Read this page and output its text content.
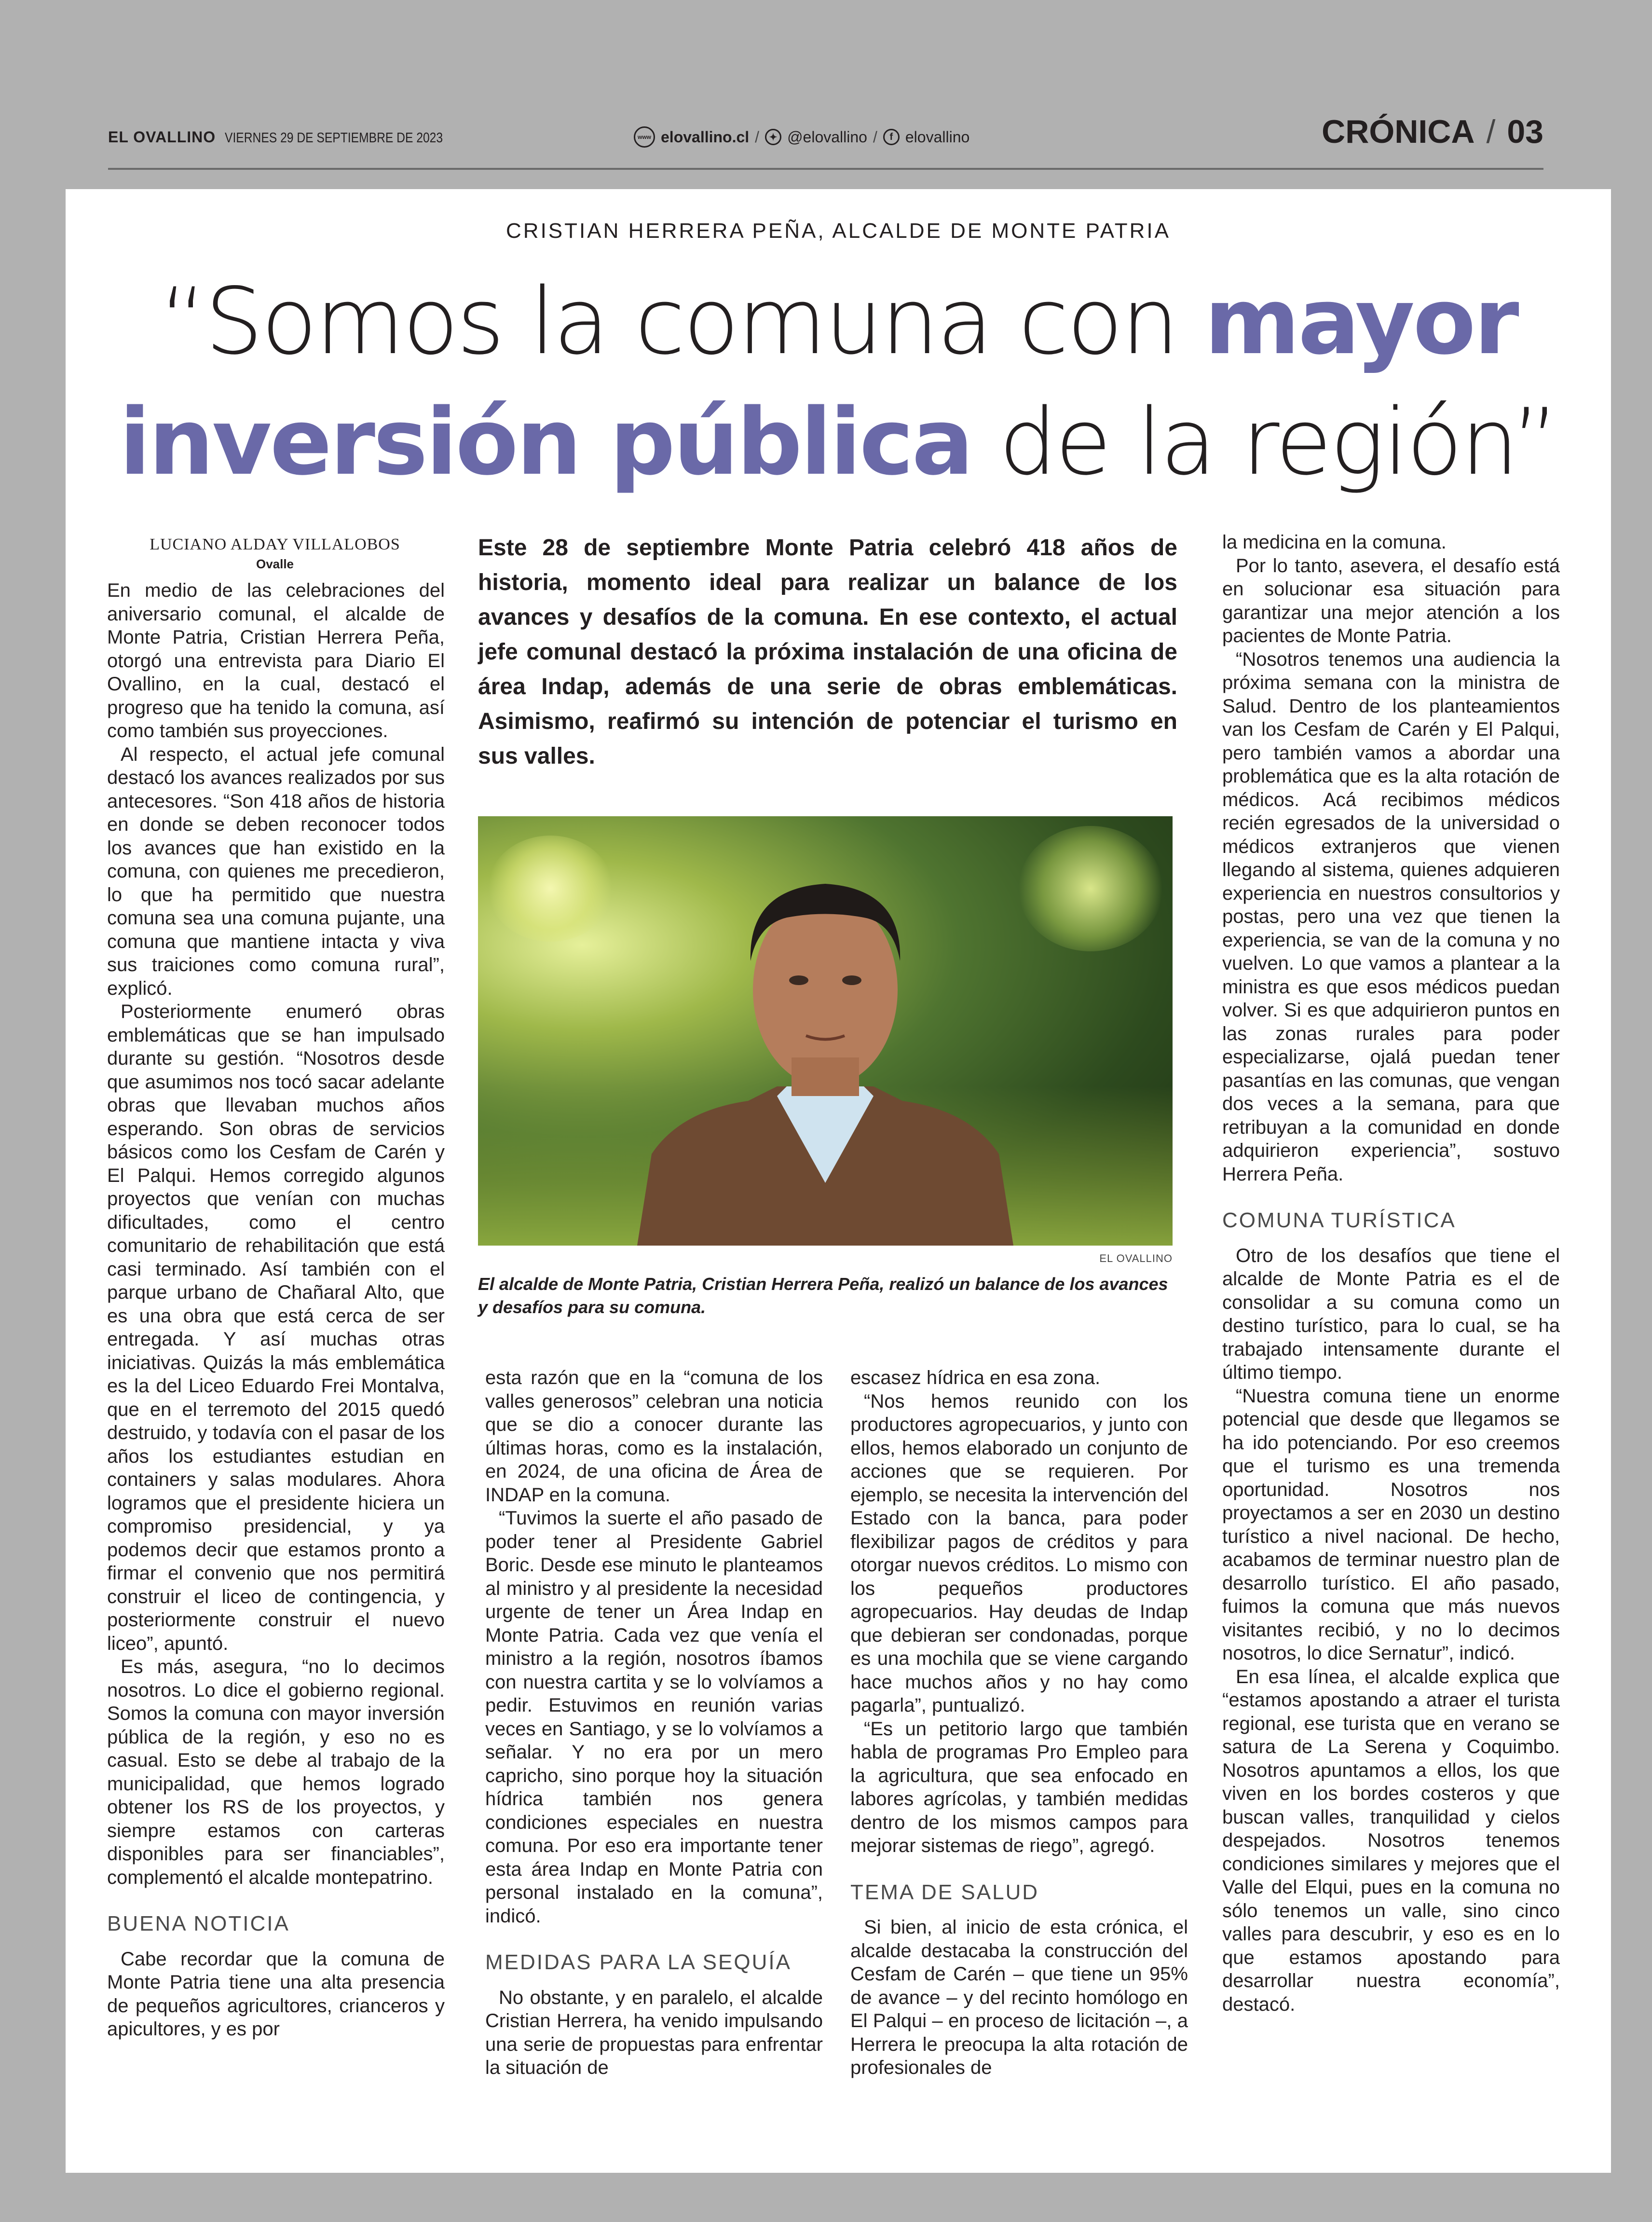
EL OVALLINO VIERNES 29 DE SEPTIEMBRE DE 2023	www elovallino.cl /	✦ @elovallino /	f elovallino	CRÓNICA / 03
CRISTIAN HERRERA PEÑA, ALCALDE DE MONTE PATRIA
“Somos la comuna con mayor
inversión pública de la región”
LUCIANO ALDAY VILLALOBOS
Ovalle
Este 28 de septiembre Monte Patria celebró 418 años de historia, momento ideal para realizar un balance de los avances y desafíos de la comuna. En ese contexto, el actual jefe comunal destacó la próxima instalación de una oficina de área Indap, además de una serie de obras emblemáticas. Asimismo, reafirmó su intención de potenciar el turismo en sus valles.
EL OVALLINO
El alcalde de Monte Patria, Cristian Herrera Peña, realizó un balance de los avances y desafíos para su comuna.

En medio de las celebraciones del aniversario comunal, el alcalde de Monte Patria, Cristian Herrera Peña, otorgó una entrevista para Diario El Ovallino, en la cual, destacó el progreso que ha tenido la comuna, así como también sus proyecciones.

Al respecto, el actual jefe comunal destacó los avances realizados por sus antecesores. “Son 418 años de historia en donde se deben reconocer todos los avances que han existido en la comuna, con quienes me precedieron, lo que ha permitido que nuestra comuna sea una comuna pujante, una comuna que mantiene intacta y viva sus traiciones como comuna rural”, explicó.

Posteriormente enumeró obras emblemáticas que se han impulsado durante su gestión. “Nosotros desde que asumimos nos tocó sacar adelante obras que llevaban muchos años esperando. Son obras de servicios básicos como los Cesfam de Carén y El Palqui. Hemos corregido algunos proyectos que venían con muchas dificultades, como el centro comunitario de rehabilitación que está casi terminado. Así también con el parque urbano de Chañaral Alto, que es una obra que está cerca de ser entregada. Y así muchas otras iniciativas. Quizás la más emblemática es la del Liceo Eduardo Frei Montalva, que en el terremoto del 2015 quedó destruido, y todavía con el pasar de los años los estudiantes estudian en containers y salas modulares. Ahora logramos que el presidente hiciera un compromiso presidencial, y ya podemos decir que estamos pronto a firmar el convenio que nos permitirá construir el liceo de contingencia, y posteriormente construir el nuevo liceo”, apuntó.

Es más, asegura, “no lo decimos nosotros. Lo dice el gobierno regional. Somos la comuna con mayor inversión pública de la región, y eso no es casual. Esto se debe al trabajo de la municipalidad, que hemos logrado obtener los RS de los proyectos, y siempre estamos con carteras disponibles para ser financiables”, complementó el alcalde montepatrino.

BUENA NOTICIA

Cabe recordar que la comuna de Monte Patria tiene una alta presencia de pequeños agricultores, crianceros y apicultores, y es por

esta razón que en la “comuna de los valles generosos” celebran una noticia que se dio a conocer durante las últimas horas, como es la instalación, en 2024, de una oficina de Área de INDAP en la comuna.

“Tuvimos la suerte el año pasado de poder tener al Presidente Gabriel Boric. Desde ese minuto le planteamos al ministro y al presidente la necesidad urgente de tener un Área Indap en Monte Patria. Cada vez que venía el ministro a la región, nosotros íbamos con nuestra cartita y se lo volvíamos a pedir. Estuvimos en reunión varias veces en Santiago, y se lo volvíamos a señalar. Y no era por un mero capricho, sino porque hoy la situación hídrica también nos genera condiciones especiales en nuestra comuna. Por eso era importante tener esta área Indap en Monte Patria con personal instalado en la comuna”, indicó.

MEDIDAS PARA LA SEQUÍA

No obstante, y en paralelo, el alcalde Cristian Herrera, ha venido impulsando una serie de propuestas para enfrentar la situación de

escasez hídrica en esa zona.

“Nos hemos reunido con los productores agropecuarios, y junto con ellos, hemos elaborado un conjunto de acciones que se requieren. Por ejemplo, se necesita la intervención del Estado con la banca, para poder flexibilizar pagos de créditos y para otorgar nuevos créditos. Lo mismo con los pequeños productores agropecuarios. Hay deudas de Indap que debieran ser condonadas, porque es una mochila que se viene cargando hace muchos años y no hay como pagarla”, puntualizó.

“Es un petitorio largo que también habla de programas Pro Empleo para la agricultura, que sea enfocado en labores agrícolas, y también medidas dentro de los mismos campos para mejorar sistemas de riego”, agregó.

TEMA DE SALUD

Si bien, al inicio de esta crónica, el alcalde destacaba la construcción del Cesfam de Carén – que tiene un 95% de avance – y del recinto homólogo en El Palqui – en proceso de licitación –, a Herrera le preocupa la alta rotación de profesionales de

la medicina en la comuna.

Por lo tanto, asevera, el desafío está en solucionar esa situación para garantizar una mejor atención a los pacientes de Monte Patria.

“Nosotros tenemos una audiencia la próxima semana con la ministra de Salud. Dentro de los planteamientos van los Cesfam de Carén y El Palqui, pero también vamos a abordar una problemática que es la alta rotación de médicos. Acá recibimos médicos recién egresados de la universidad o médicos extranjeros que vienen llegando al sistema, quienes adquieren experiencia en nuestros consultorios y postas, pero una vez que tienen la experiencia, se van de la comuna y no vuelven. Lo que vamos a plantear a la ministra es que esos médicos puedan volver. Si es que adquirieron puntos en las zonas rurales para poder especializarse, ojalá puedan tener pasantías en las comunas, que vengan dos veces a la semana, para que retribuyan a la comunidad en donde adquirieron experiencia”, sostuvo Herrera Peña.

COMUNA TURÍSTICA

Otro de los desafíos que tiene el alcalde de Monte Patria es el de consolidar a su comuna como un destino turístico, para lo cual, se ha trabajado intensamente durante el último tiempo.

“Nuestra comuna tiene un enorme potencial que desde que llegamos se ha ido potenciando. Por eso creemos que el turismo es una tremenda oportunidad. Nosotros nos proyectamos a ser en 2030 un destino turístico a nivel nacional. De hecho, acabamos de terminar nuestro plan de desarrollo turístico. El año pasado, fuimos la comuna que más nuevos visitantes recibió, y no lo decimos nosotros, lo dice Sernatur”, indicó.

En esa línea, el alcalde explica que “estamos apostando a atraer el turista regional, ese turista que en verano se satura de La Serena y Coquimbo. Nosotros apuntamos a ellos, los que viven en los bordes costeros y que buscan valles, tranquilidad y cielos despejados. Nosotros tenemos condiciones similares y mejores que el Valle del Elqui, pues en la comuna no sólo tenemos un valle, sino cinco valles para descubrir, y eso es en lo que estamos apostando para desarrollar nuestra economía”, destacó.
